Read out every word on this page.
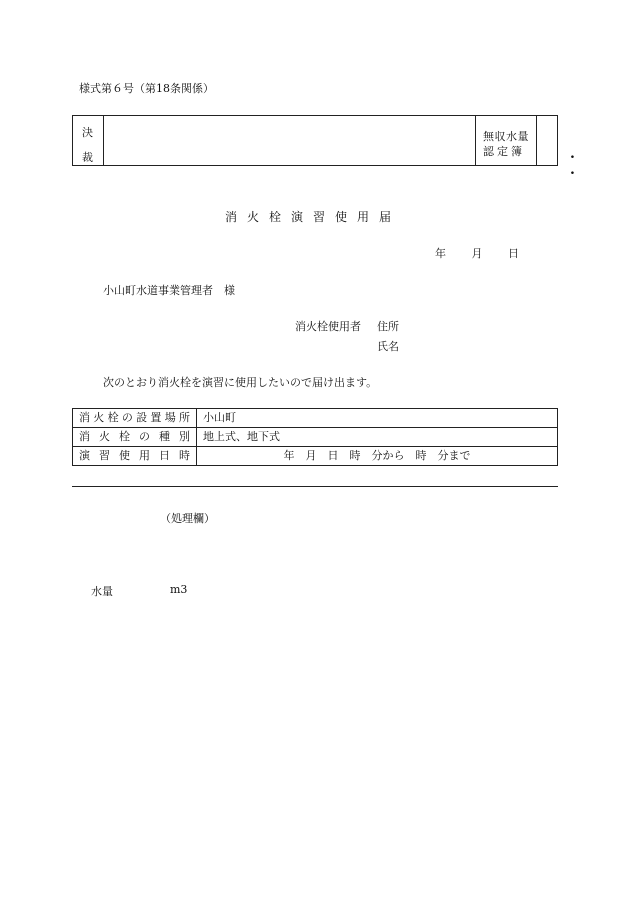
様式第６号（第18条関係）
決
裁
無収水量
認定簿	. .
消火栓演習使用届
年 月 日
小山町水道事業管理者　様
消火栓使用者 住所
氏名
次のとおり消火栓を演習に使用したいので届け出ます。
消火栓の設置場所	小山町
消火栓の種別	地上式、地下式
演習使用日時	年　月　日　時　分から　時　分まで
（処理欄）
水量	m3
